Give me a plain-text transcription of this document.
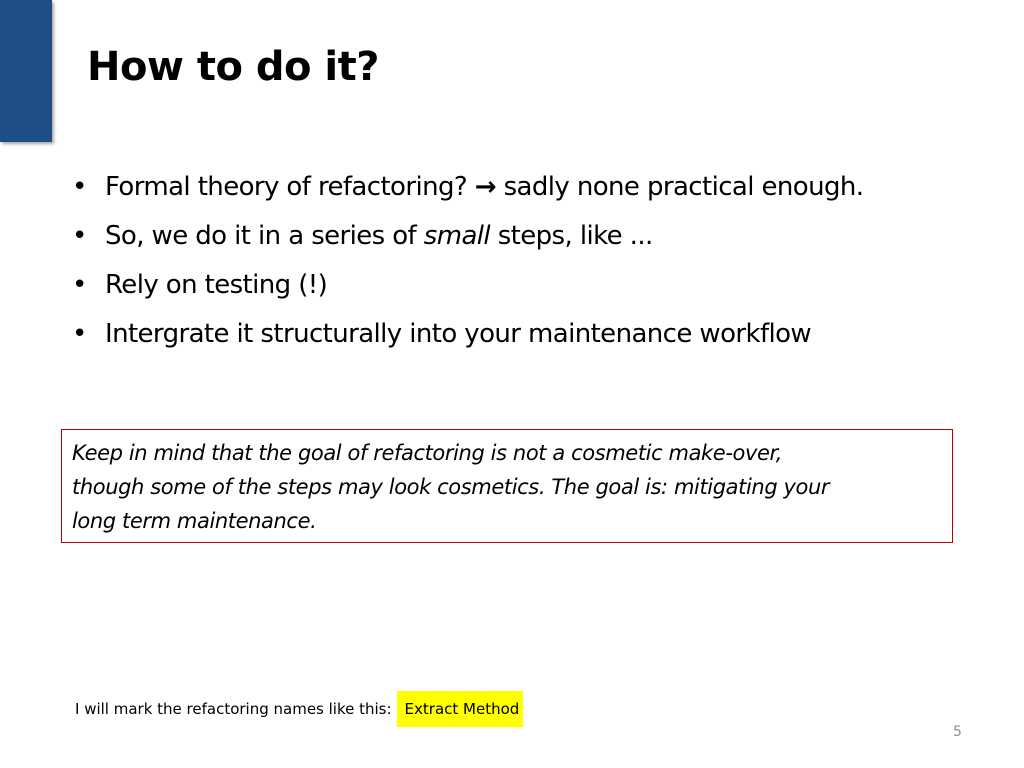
How to do it?
• Formal theory of refactoring? → sadly none practical enough.
• So, we do it in a series of small steps, like ...
• Rely on testing (!)
• Intergrate it structurally into your maintenance workflow
Keep in mind that the goal of refactoring is not a cosmetic make-over,
though some of the steps may look cosmetics. The goal is: mitigating your
long term maintenance.
I will mark the refactoring names like this: Extract Method
5
